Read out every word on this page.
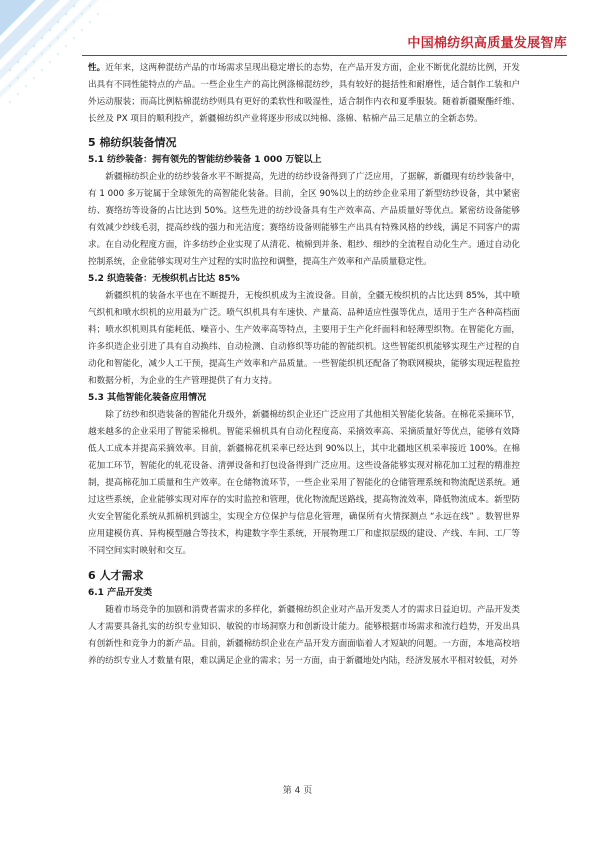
中国棉纺织高质量发展智库

性。近年来，这两种混纺产品的市场需求呈现出稳定增长的态势，在产品开发方面，企业不断优化混纺比例，开发出具有不同性能特点的产品。一些企业生产的高比例涤棉混纺纱，具有较好的挺括性和耐磨性，适合制作工装和户外运动服装；而高比例粘棉混纺纱则具有更好的柔软性和吸湿性，适合制作内衣和夏季服装。随着新疆聚酯纤维、长丝及 PX 项目的顺利投产，新疆棉纺织产业将逐步形成以纯棉、涤棉、粘棉产品三足鼎立的全新态势。

5 棉纺织装备情况
5.1 纺纱装备：拥有领先的智能纺纱装备 1 000 万锭以上

新疆棉纺织企业的纺纱装备水平不断提高，先进的纺纱设备得到了广泛应用，了据解，新疆现有纺纱装备中，有 1 000 多万锭属于全球领先的高智能化装备。目前，全区 90%以上的纺纱企业采用了新型纺纱设备，其中紧密纺、赛络纺等设备的占比达到 50%。这些先进的纺纱设备具有生产效率高、产品质量好等优点。紧密纺设备能够有效减少纱线毛羽，提高纱线的强力和光洁度；赛络纺设备则能够生产出具有特殊风格的纱线，满足不同客户的需求。在自动化程度方面，许多纺纱企业实现了从清花、梳棉到并条、粗纱、细纱的全流程自动化生产。通过自动化控制系统，企业能够实现对生产过程的实时监控和调整，提高生产效率和产品质量稳定性。

5.2 织造装备：无梭织机占比达 85%

新疆织机的装备水平也在不断提升，无梭织机成为主流设备。目前，全疆无梭织机的占比达到 85%，其中喷气织机和喷水织机的应用最为广泛。喷气织机具有车速快、产量高、品种适应性强等优点，适用于生产各种高档面料；喷水织机则具有能耗低、噪音小、生产效率高等特点，主要用于生产化纤面料和轻薄型织物。在智能化方面，许多织造企业引进了具有自动换纬、自动检测、自动修织等功能的智能织机。这些智能织机能够实现生产过程的自动化和智能化，减少人工干预，提高生产效率和产品质量。一些智能织机还配备了物联网模块，能够实现远程监控和数据分析，为企业的生产管理提供了有力支持。

5.3 其他智能化装备应用情况

除了纺纱和织造装备的智能化升级外，新疆棉纺织企业还广泛应用了其他相关智能化装备。在棉花采摘环节，越来越多的企业采用了智能采棉机。智能采棉机具有自动化程度高、采摘效率高、采摘质量好等优点，能够有效降低人工成本并提高采摘效率。目前，新疆棉花机采率已经达到 90%以上，其中北疆地区机采率接近 100%。在棉花加工环节，智能化的轧花设备、清弹设备和打包设备得到广泛应用。这些设备能够实现对棉花加工过程的精准控制，提高棉花加工质量和生产效率。在仓储物流环节，一些企业采用了智能化的仓储管理系统和物流配送系统。通过这些系统，企业能够实现对库存的实时监控和管理，优化物流配送路线，提高物流效率，降低物流成本。新型防火安全智能化系统从抓棉机到滤尘，实现全方位保护与信息化管理，确保所有火情探测点 “永远在线” 。数智世界应用建模仿真、异构模型融合等技术，构建数字孪生系统，开展物理工厂和虚拟层级的建设、产线、车间、工厂等不同空间实时映射和交互。

6 人才需求
6.1 产品开发类

随着市场竞争的加剧和消费者需求的多样化，新疆棉纺织企业对产品开发类人才的需求日益迫切。产品开发类人才需要具备扎实的纺织专业知识、敏锐的市场洞察力和创新设计能力。能够根据市场需求和流行趋势，开发出具有创新性和竞争力的新产品。目前，新疆棉纺织企业在产品开发方面面临着人才短缺的问题。一方面，本地高校培养的纺织专业人才数量有限，难以满足企业的需求；另一方面，由于新疆地处内陆，经济发展水平相对较低，对外

第 4 页
